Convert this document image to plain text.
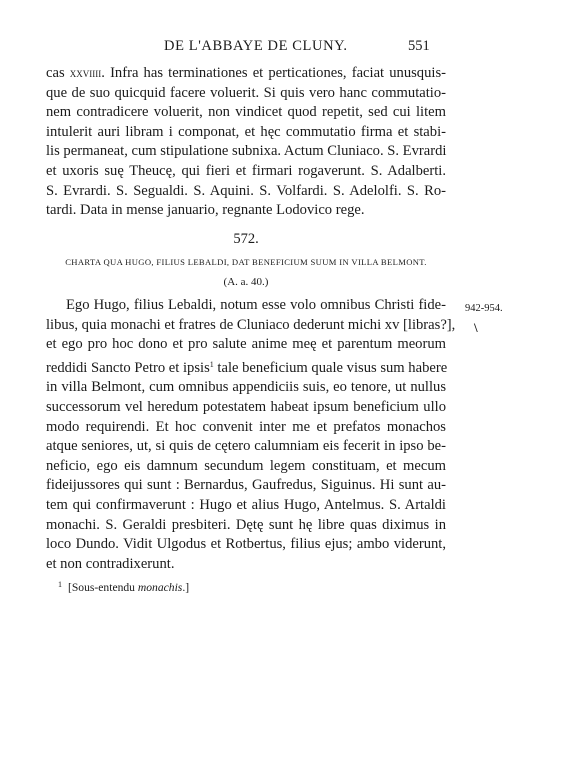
DE L'ABBAYE DE CLUNY.	551
cas xxviiii. Infra has terminationes et perticationes, faciat unusquis-
que de suo quicquid facere voluerit. Si quis vero hanc commutatio-
nem contradicere voluerit, non vindicet quod repetit, sed cui litem
intulerit auri libram i componat, et hęc commutatio firma et stabi-
lis permaneat, cum stipulatione subnixa. Actum Cluniaco. S. Evrardi
et uxoris suę Theucę, qui fieri et firmari rogaverunt. S. Adalberti.
S. Evrardi. S. Segualdi. S. Aquini. S. Volfardi. S. Adelolfi. S. Ro-
tardi. Data in mense januario, regnante Lodovico rege.
572.
CHARTA QUA HUGO, FILIUS LEBALDI, DAT BENEFICIUM SUUM IN VILLA BELMONT.
(A. a. 40.)
Ego Hugo, filius Lebaldi, notum esse volo omnibus Christi fide-
libus, quia monachi et fratres de Cluniaco dederunt michi xv [libras?],
et ego pro hoc dono et pro salute anime meę et parentum meorum
reddidi Sancto Petro et ipsis$^1$ tale beneficium quale visus sum habere
in villa Belmont, cum omnibus appendiciis suis, eo tenore, ut nullus
successorum vel heredum potestatem habeat ipsum beneficium ullo
modo requirendi. Et hoc convenit inter me et prefatos monachos
atque seniores, ut, si quis de cętero calumniam eis fecerit in ipso be-
neficio, ego eis damnum secundum legem constituam, et mecum
fideijussores qui sunt : Bernardus, Gaufredus, Siguinus. Hi sunt au-
tem qui confirmaverunt : Hugo et alius Hugo, Antelmus. S. Artaldi
monachi. S. Geraldi presbiteri. Dętę sunt hę libre quas diximus in
loco Dundo. Vidit Ulgodus et Rotbertus, filius ejus; ambo viderunt,
et non contradixerunt.
942-954.
\
$^1$ [Sous-entendu monachis.]
